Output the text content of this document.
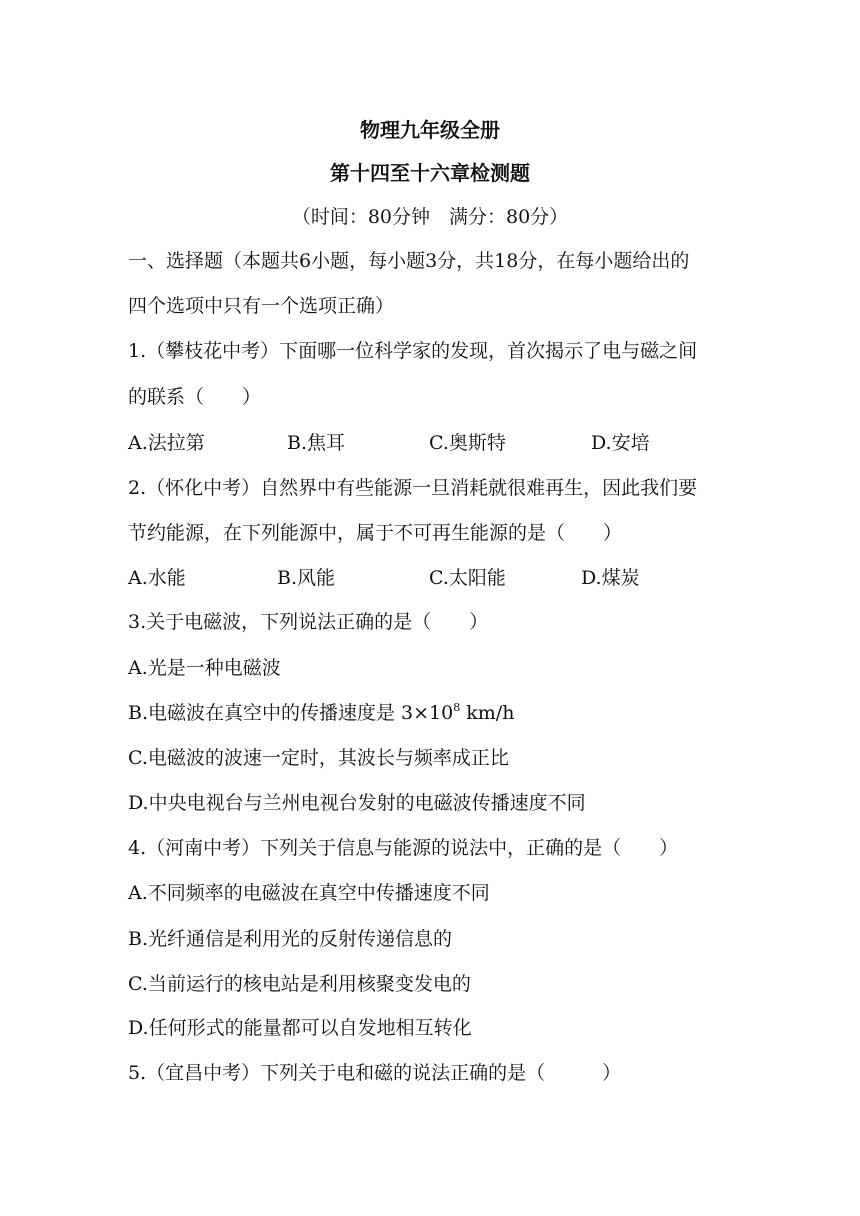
物理九年级全册
第十四至十六章检测题
（时间：80分钟　满分：80分）
一、选择题（本题共6小题，每小题3分，共18分，在每小题给出的
四个选项中只有一个选项正确）
1.（攀枝花中考）下面哪一位科学家的发现，首次揭示了电与磁之间
的联系（　　）
A.法拉第	B.焦耳	C.奥斯特	D.安培
2.（怀化中考）自然界中有些能源一旦消耗就很难再生，因此我们要
节约能源，在下列能源中，属于不可再生能源的是（　　）
A.水能	B.风能	C.太阳能	D.煤炭
3.关于电磁波，下列说法正确的是（　　）
A.光是一种电磁波
B.电磁波在真空中的传播速度是 $3\times 10^8$ km/h
C.电磁波的波速一定时，其波长与频率成正比
D.中央电视台与兰州电视台发射的电磁波传播速度不同
4.（河南中考）下列关于信息与能源的说法中，正确的是（　　）
A.不同频率的电磁波在真空中传播速度不同
B.光纤通信是利用光的反射传递信息的
C.当前运行的核电站是利用核聚变发电的
D.任何形式的能量都可以自发地相互转化
5.（宜昌中考）下列关于电和磁的说法正确的是（　　　）
